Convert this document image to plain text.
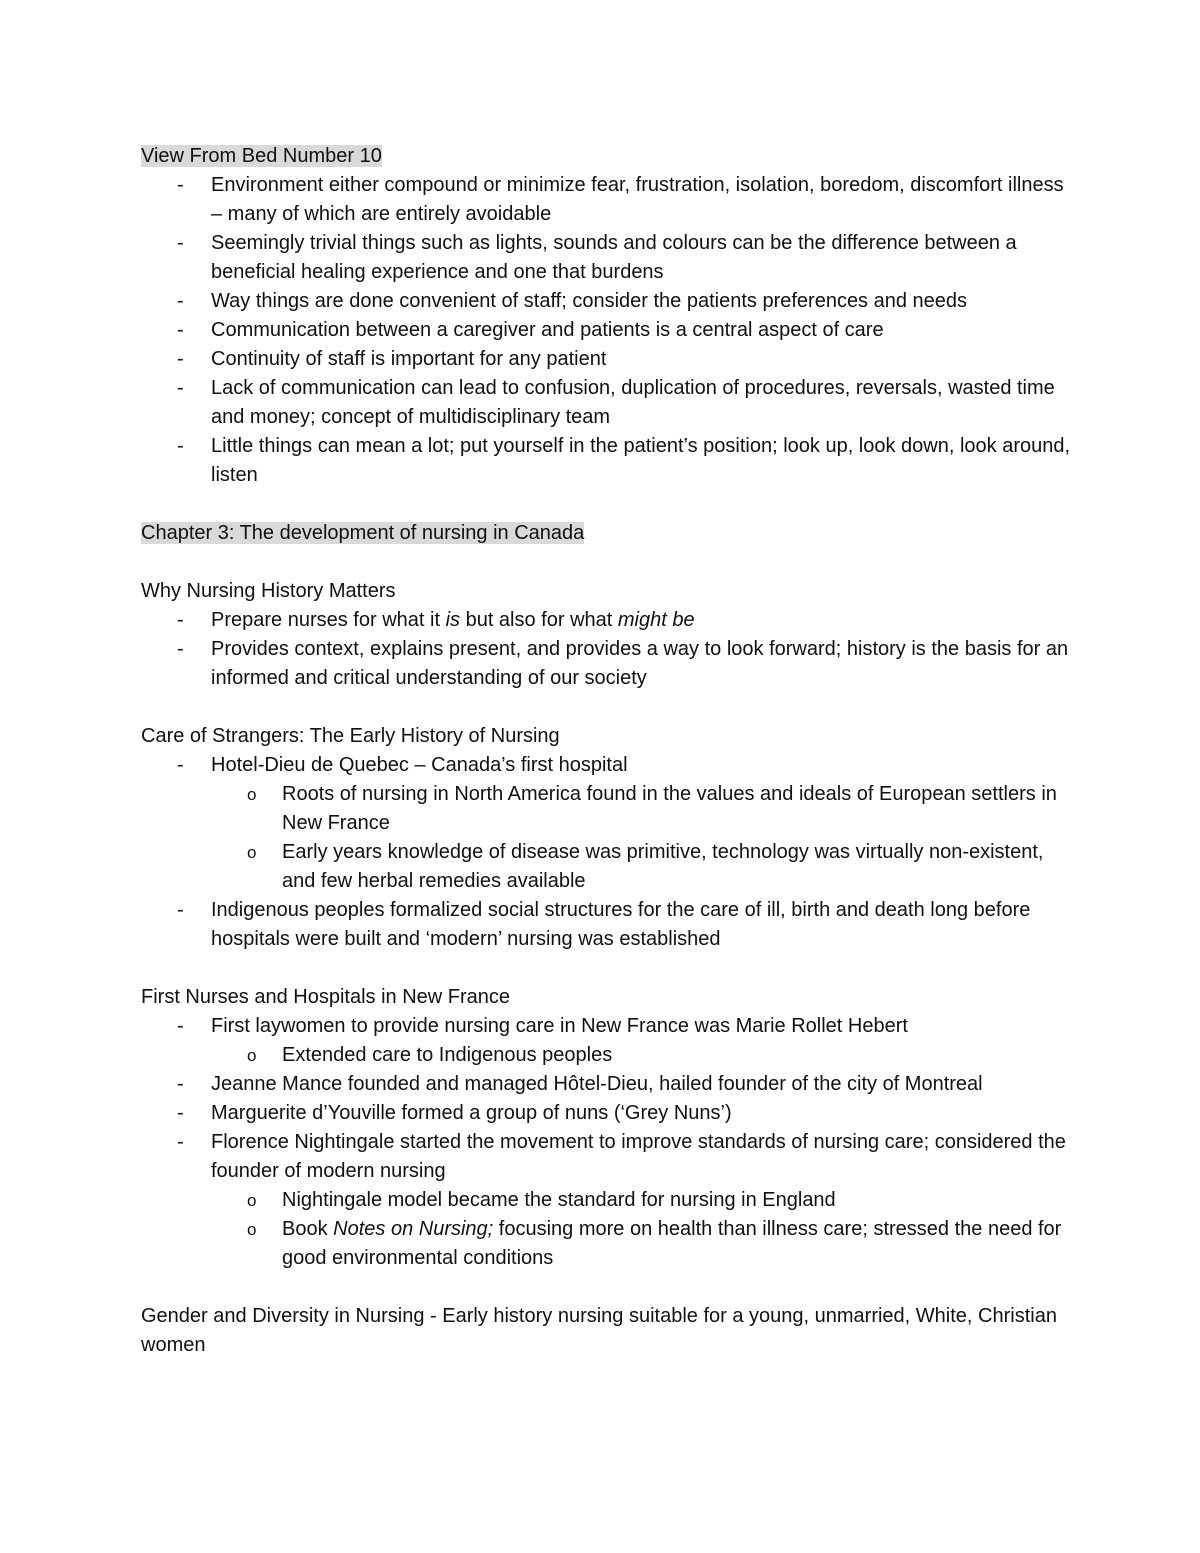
View From Bed Number 10

- Environment either compound or minimize fear, frustration, isolation, boredom, discomfort illness – many of which are entirely avoidable
- Seemingly trivial things such as lights, sounds and colours can be the difference between a beneficial healing experience and one that burdens
- Way things are done convenient of staff; consider the patients preferences and needs
- Communication between a caregiver and patients is a central aspect of care
- Continuity of staff is important for any patient
- Lack of communication can lead to confusion, duplication of procedures, reversals, wasted time and money; concept of multidisciplinary team
- Little things can mean a lot; put yourself in the patient’s position; look up, look down, look around, listen

Chapter 3: The development of nursing in Canada

Why Nursing History Matters

- Prepare nurses for what it is but also for what might be
- Provides context, explains present, and provides a way to look forward; history is the basis for an informed and critical understanding of our society

Care of Strangers: The Early History of Nursing

- Hotel-Dieu de Quebec – Canada’s first hospital
o Roots of nursing in North America found in the values and ideals of European settlers in New France
o Early years knowledge of disease was primitive, technology was virtually non-existent, and few herbal remedies available
- Indigenous peoples formalized social structures for the care of ill, birth and death long before hospitals were built and ‘modern’ nursing was established

First Nurses and Hospitals in New France

- First laywomen to provide nursing care in New France was Marie Rollet Hebert
o Extended care to Indigenous peoples
- Jeanne Mance founded and managed Hôtel-Dieu, hailed founder of the city of Montreal
- Marguerite d’Youville formed a group of nuns (‘Grey Nuns’)
- Florence Nightingale started the movement to improve standards of nursing care; considered the founder of modern nursing
o Nightingale model became the standard for nursing in England
o Book Notes on Nursing; focusing more on health than illness care; stressed the need for good environmental conditions

Gender and Diversity in Nursing - Early history nursing suitable for a young, unmarried, White, Christian women
